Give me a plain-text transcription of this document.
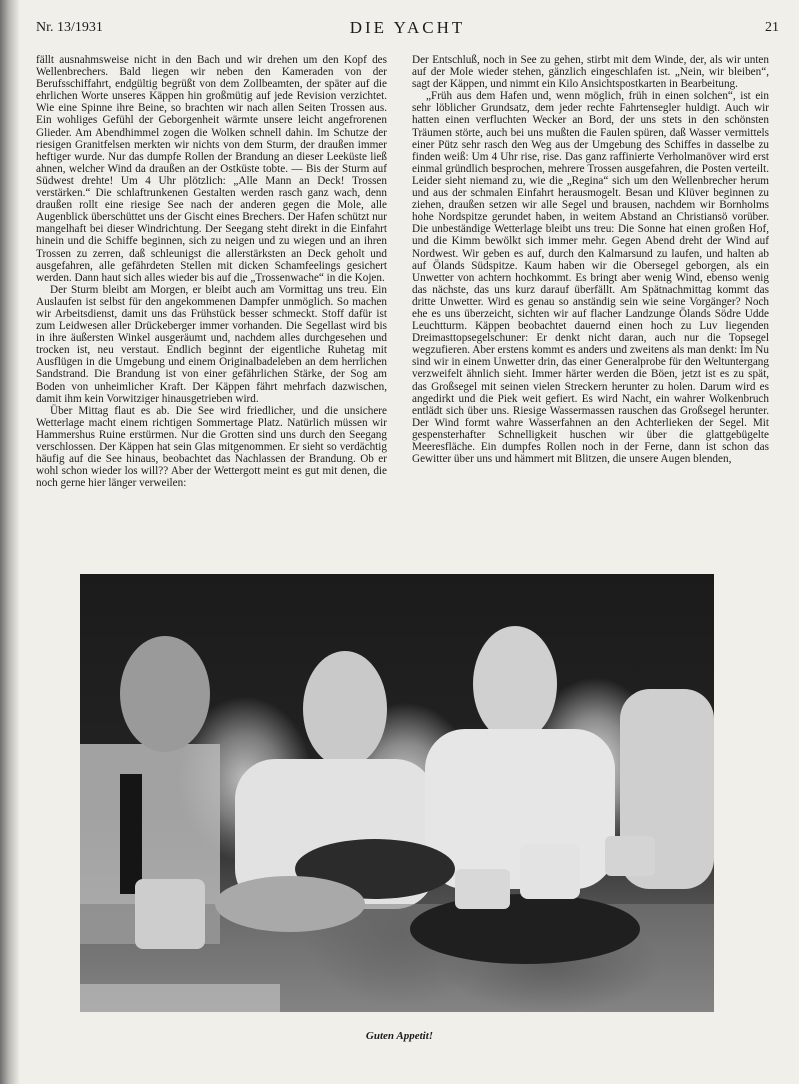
Nr. 13/1931	DIE YACHT	21

fällt ausnahmsweise nicht in den Bach und wir drehen um den Kopf des Wellenbrechers. Bald liegen wir neben den Kameraden von der Berufsschiffahrt, endgültig begrüßt von dem Zollbeamten, der später auf die ehrlichen Worte unseres Käppen hin großmütig auf jede Revision verzichtet. Wie eine Spinne ihre Beine, so brachten wir nach allen Seiten Trossen aus. Ein wohliges Gefühl der Geborgenheit wärmte unsere leicht angefrorenen Glieder. Am Abendhimmel zogen die Wolken schnell dahin. Im Schutze der riesigen Granitfelsen merkten wir nichts von dem Sturm, der draußen immer heftiger wurde. Nur das dumpfe Rollen der Brandung an dieser Leeküste ließ ahnen, welcher Wind da draußen an der Ostküste tobte. — Bis der Sturm auf Südwest drehte! Um 4 Uhr plötzlich: „Alle Mann an Deck! Trossen verstärken.“ Die schlaftrunkenen Gestalten werden rasch ganz wach, denn draußen rollt eine riesige See nach der anderen gegen die Mole, alle Augenblick überschüttet uns der Gischt eines Brechers. Der Hafen schützt nur mangelhaft bei dieser Windrichtung. Der Seegang steht direkt in die Einfahrt hinein und die Schiffe beginnen, sich zu neigen und zu wiegen und an ihren Trossen zu zerren, daß schleunigst die allerstärksten an Deck geholt und ausgefahren, alle gefährdeten Stellen mit dicken Schamfeelings gesichert werden. Dann haut sich alles wieder bis auf die „Trossenwache“ in die Kojen.

Der Sturm bleibt am Morgen, er bleibt auch am Vormittag uns treu. Ein Auslaufen ist selbst für den angekommenen Dampfer unmöglich. So machen wir Arbeitsdienst, damit uns das Frühstück besser schmeckt. Stoff dafür ist zum Leidwesen aller Drückeberger immer vorhanden. Die Segellast wird bis in ihre äußersten Winkel ausgeräumt und, nachdem alles durchgesehen und trocken ist, neu verstaut. Endlich beginnt der eigentliche Ruhetag mit Ausflügen in die Umgebung und einem Originalbadeleben an dem herrlichen Sandstrand. Die Brandung ist von einer gefährlichen Stärke, der Sog am Boden von unheimlicher Kraft. Der Käppen fährt mehrfach dazwischen, damit ihm kein Vorwitziger hinausgetrieben wird.

Über Mittag flaut es ab. Die See wird friedlicher, und die unsichere Wetterlage macht einem richtigen Sommertage Platz. Natürlich müssen wir Hammershus Ruine erstürmen. Nur die Grotten sind uns durch den Seegang verschlossen. Der Käppen hat sein Glas mitgenommen. Er sieht so verdächtig häufig auf die See hinaus, beobachtet das Nachlassen der Brandung. Ob er wohl schon wieder los will?? Aber der Wettergott meint es gut mit denen, die noch gerne hier länger verweilen:

Der Entschluß, noch in See zu gehen, stirbt mit dem Winde, der, als wir unten auf der Mole wieder stehen, gänzlich eingeschlafen ist. „Nein, wir bleiben“, sagt der Käppen, und nimmt ein Kilo Ansichtspostkarten in Bearbeitung.

„Früh aus dem Hafen und, wenn möglich, früh in einen solchen“, ist ein sehr löblicher Grundsatz, dem jeder rechte Fahrtensegler huldigt. Auch wir hatten einen verfluchten Wecker an Bord, der uns stets in den schönsten Träumen störte, auch bei uns mußten die Faulen spüren, daß Wasser vermittels einer Pütz sehr rasch den Weg aus der Umgebung des Schiffes in dasselbe zu finden weiß: Um 4 Uhr rise, rise. Das ganz raffinierte Verholmanöver wird erst einmal gründlich besprochen, mehrere Trossen ausgefahren, die Posten verteilt. Leider sieht niemand zu, wie die „Regina“ sich um den Wellenbrecher herum und aus der schmalen Einfahrt herausmogelt. Besan und Klüver beginnen zu ziehen, draußen setzen wir alle Segel und brausen, nachdem wir Bornholms hohe Nordspitze gerundet haben, in weitem Abstand an Christiansö vorüber. Die unbeständige Wetterlage bleibt uns treu: Die Sonne hat einen großen Hof, und die Kimm bewölkt sich immer mehr. Gegen Abend dreht der Wind auf Nordwest. Wir geben es auf, durch den Kalmarsund zu laufen, und halten ab auf Ölands Südspitze. Kaum haben wir die Obersegel geborgen, als ein Unwetter von achtern hochkommt. Es bringt aber wenig Wind, ebenso wenig das nächste, das uns kurz darauf überfällt. Am Spätnachmittag kommt das dritte Unwetter. Wird es genau so anständig sein wie seine Vorgänger? Noch ehe es uns überzeicht, sichten wir auf flacher Landzunge Ölands Södre Udde Leuchtturm. Käppen beobachtet dauernd einen hoch zu Luv liegenden Dreimasttopsegelschuner: Er denkt nicht daran, auch nur die Topsegel wegzufieren. Aber erstens kommt es anders und zweitens als man denkt: Im Nu sind wir in einem Unwetter drin, das einer Generalprobe für den Weltuntergang verzweifelt ähnlich sieht. Immer härter werden die Böen, jetzt ist es zu spät, das Großsegel mit seinen vielen Streckern herunter zu holen. Darum wird es angedirkt und die Piek weit gefiert. Es wird Nacht, ein wahrer Wolkenbruch entlädt sich über uns. Riesige Wassermassen rauschen das Großsegel herunter. Der Wind formt wahre Wasserfahnen an den Achterlieken der Segel. Mit gespensterhafter Schnelligkeit huschen wir über die glattgebügelte Meeresfläche. Ein dumpfes Rollen noch in der Ferne, dann ist schon das Gewitter über uns und hämmert mit Blitzen, die unsere Augen blenden,

Guten Appetit!
